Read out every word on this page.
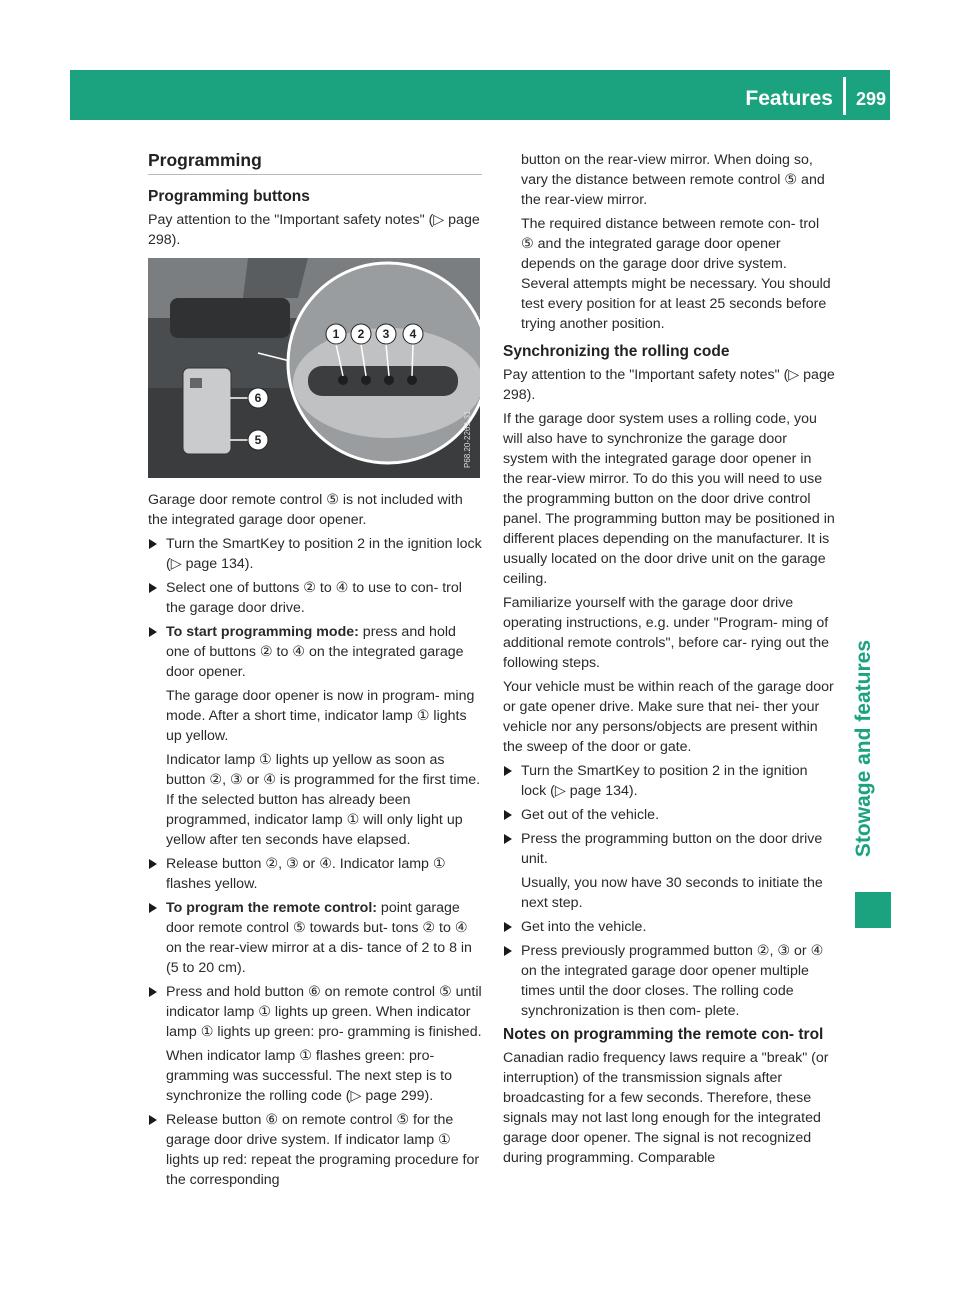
Features	299
Stowage and features
Programming
Programming buttons

Pay attention to the "Important safety notes" (▷ page 298).

1 2 3 4
5
6
P68.20-2269-31

Garage door remote control ⑤ is not included with the integrated garage door opener.

Turn the SmartKey to position 2 in the ignition lock (▷ page 134).

Select one of buttons ② to ④ to use to con- trol the garage door drive.

To start programming mode: press and hold one of buttons ② to ④ on the integrated garage door opener.

The garage door opener is now in program- ming mode. After a short time, indicator lamp ① lights up yellow.

Indicator lamp ① lights up yellow as soon as button ②, ③ or ④ is programmed for the first time. If the selected button has already been programmed, indicator lamp ① will only light up yellow after ten seconds have elapsed.

Release button ②, ③ or ④. Indicator lamp ① flashes yellow.

To program the remote control: point garage door remote control ⑤ towards but- tons ② to ④ on the rear-view mirror at a dis- tance of 2 to 8 in (5 to 20 cm).

Press and hold button ⑥ on remote control ⑤ until indicator lamp ① lights up green. When indicator lamp ① lights up green: pro- gramming is finished.

When indicator lamp ① flashes green: pro- gramming was successful. The next step is to synchronize the rolling code (▷ page 299).

Release button ⑥ on remote control ⑤ for the garage door drive system. If indicator lamp ① lights up red: repeat the programing procedure for the corresponding

button on the rear-view mirror. When doing so, vary the distance between remote control ⑤ and the rear-view mirror.

The required distance between remote con- trol ⑤ and the integrated garage door opener depends on the garage door drive system. Several attempts might be necessary. You should test every position for at least 25 seconds before trying another position.

Synchronizing the rolling code

Pay attention to the "Important safety notes" (▷ page 298).

If the garage door system uses a rolling code, you will also have to synchronize the garage door system with the integrated garage door opener in the rear-view mirror. To do this you will need to use the programming button on the door drive control panel. The programming button may be positioned in different places depending on the manufacturer. It is usually located on the door drive unit on the garage ceiling.

Familiarize yourself with the garage door drive operating instructions, e.g. under "Program- ming of additional remote controls", before car- rying out the following steps.

Your vehicle must be within reach of the garage door or gate opener drive. Make sure that nei- ther your vehicle nor any persons/objects are present within the sweep of the door or gate.

Turn the SmartKey to position 2 in the ignition lock (▷ page 134).

Get out of the vehicle.

Press the programming button on the door drive unit.

Usually, you now have 30 seconds to initiate the next step.

Get into the vehicle.

Press previously programmed button ②, ③ or ④ on the integrated garage door opener multiple times until the door closes. The rolling code synchronization is then com- plete.

Notes on programming the remote con- trol

Canadian radio frequency laws require a "break" (or interruption) of the transmission signals after broadcasting for a few seconds. Therefore, these signals may not last long enough for the integrated garage door opener. The signal is not recognized during programming. Comparable
